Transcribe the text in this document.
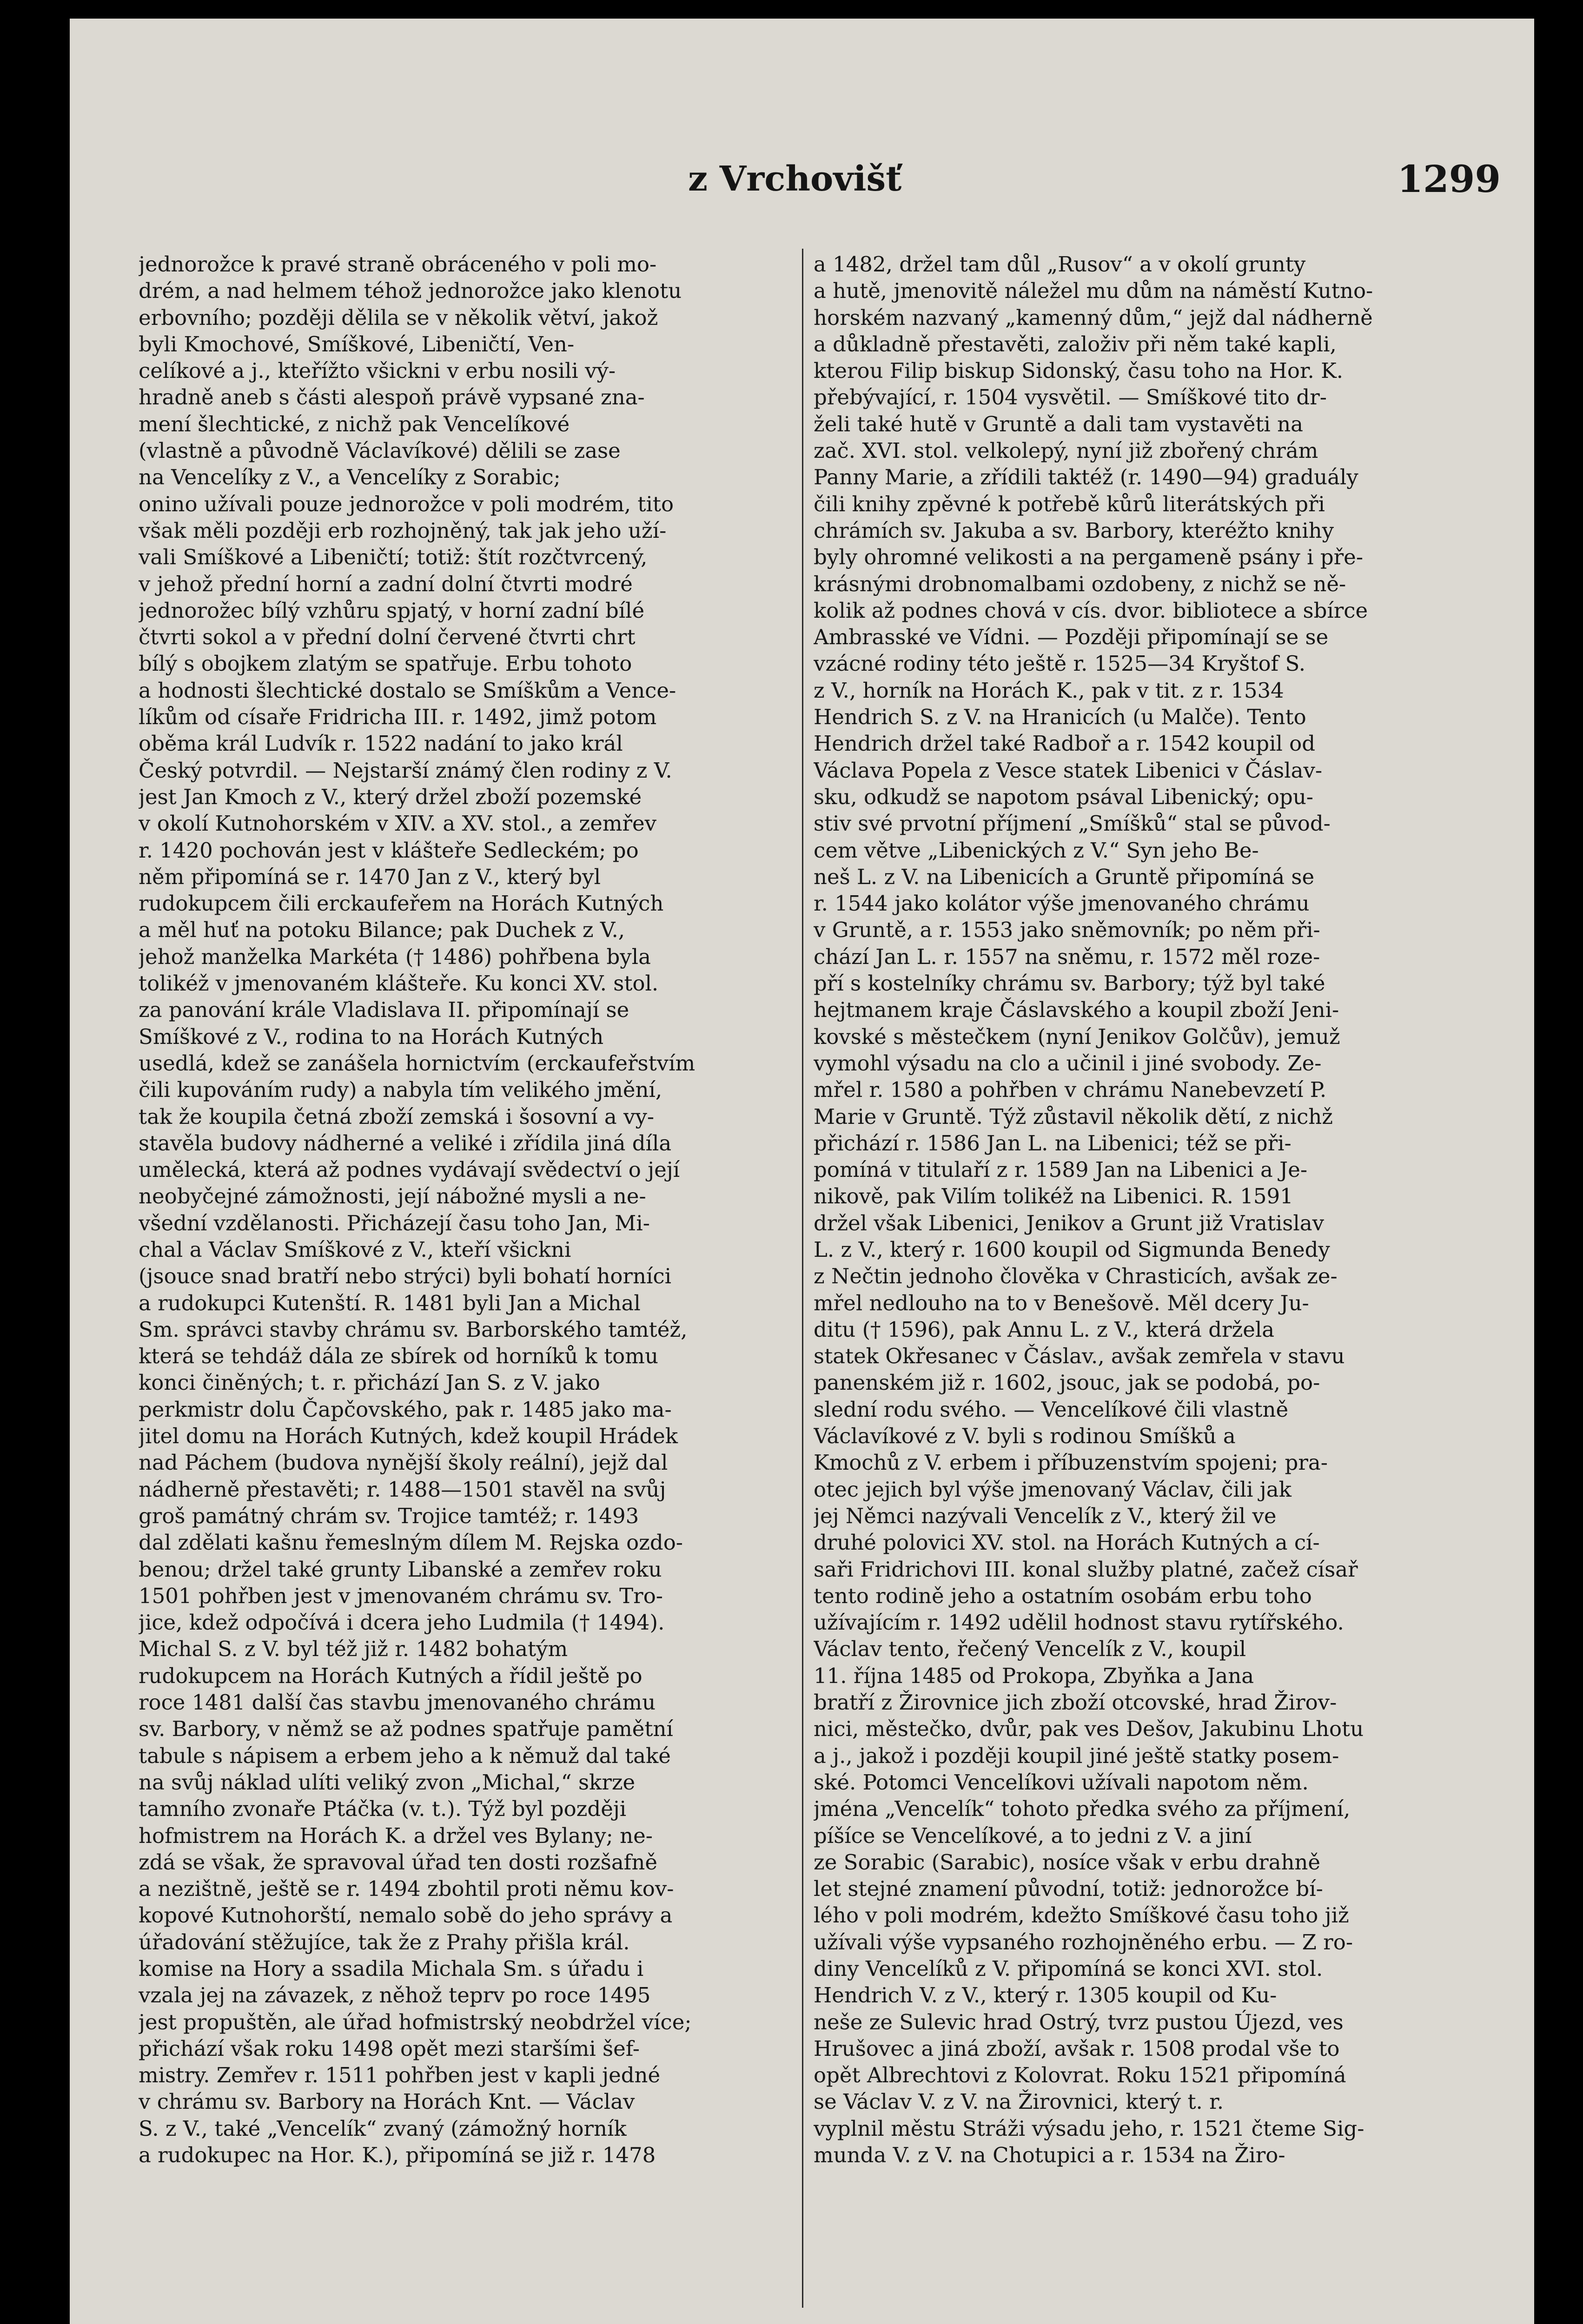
z Vrchovišť	1299
jednorožce k pravé straně obráceného v poli mo-
drém, a nad helmem téhož jednorožce jako klenotu
erbovního; později dělila se v několik větví, jakož
byli Kmochové, Smíškové, Libeničtí, Ven-
celíkové a j., kteřížto všickni v erbu nosili vý-
hradně aneb s části alespoň právě vypsané zna-
mení šlechtické, z nichž pak Vencelíkové
(vlastně a původně Václavíkové) dělili se zase
na Vencelíky z V., a Vencelíky z Sorabic;
onino užívali pouze jednorožce v poli modrém, tito
však měli později erb rozhojněný, tak jak jeho uží-
vali Smíškové a Libeničtí; totiž: štít rozčtvrcený,
v jehož přední horní a zadní dolní čtvrti modré
jednorožec bílý vzhůru spjatý, v horní zadní bílé
čtvrti sokol a v přední dolní červené čtvrti chrt
bílý s obojkem zlatým se spatřuje. Erbu tohoto
a hodnosti šlechtické dostalo se Smíškům a Vence-
líkům od císaře Fridricha III. r. 1492, jimž potom
oběma král Ludvík r. 1522 nadání to jako král
Český potvrdil. — Nejstarší známý člen rodiny z V.
jest Jan Kmoch z V., který držel zboží pozemské
v okolí Kutnohorském v XIV. a XV. stol., a zemřev
r. 1420 pochován jest v klášteře Sedleckém; po
něm připomíná se r. 1470 Jan z V., který byl
rudokupcem čili erckaufeřem na Horách Kutných
a měl huť na potoku Bilance; pak Duchek z V.,
jehož manželka Markéta († 1486) pohřbena byla
tolikéž v jmenovaném klášteře. Ku konci XV. stol.
za panování krále Vladislava II. připomínají se
Smíškové z V., rodina to na Horách Kutných
usedlá, kdež se zanášela hornictvím (erckaufeřstvím
čili kupováním rudy) a nabyla tím velikého jmění,
tak že koupila četná zboží zemská i šosovní a vy-
stavěla budovy nádherné a veliké i zřídila jiná díla
umělecká, která až podnes vydávají svědectví o její
neobyčejné zámožnosti, její nábožné mysli a ne-
všední vzdělanosti. Přicházejí času toho Jan, Mi-
chal a Václav Smíškové z V., kteří všickni
(jsouce snad bratří nebo strýci) byli bohatí horníci
a rudokupci Kutenští. R. 1481 byli Jan a Michal
Sm. správci stavby chrámu sv. Barborského tamtéž,
která se tehdáž dála ze sbírek od horníků k tomu
konci činěných; t. r. přichází Jan S. z V. jako
perkmistr dolu Čapčovského, pak r. 1485 jako ma-
jitel domu na Horách Kutných, kdež koupil Hrádek
nad Páchem (budova nynější školy reální), jejž dal
nádherně přestavěti; r. 1488—1501 stavěl na svůj
groš památný chrám sv. Trojice tamtéž; r. 1493
dal zdělati kašnu řemeslným dílem M. Rejska ozdo-
benou; držel také grunty Libanské a zemřev roku
1501 pohřben jest v jmenovaném chrámu sv. Tro-
jice, kdež odpočívá i dcera jeho Ludmila († 1494).
Michal S. z V. byl též již r. 1482 bohatým
rudokupcem na Horách Kutných a řídil ještě po
roce 1481 další čas stavbu jmenovaného chrámu
sv. Barbory, v němž se až podnes spatřuje pamětní
tabule s nápisem a erbem jeho a k němuž dal také
na svůj náklad ulíti veliký zvon „Michal,“ skrze
tamního zvonaře Ptáčka (v. t.). Týž byl později
hofmistrem na Horách K. a držel ves Bylany; ne-
zdá se však, že spravoval úřad ten dosti rozšafně
a nezištně, ještě se r. 1494 zbohtil proti němu kov-
kopové Kutnohorští, nemalo sobě do jeho správy a
úřadování stěžujíce, tak že z Prahy přišla král.
komise na Hory a ssadila Michala Sm. s úřadu i
vzala jej na závazek, z něhož teprv po roce 1495
jest propuštěn, ale úřad hofmistrský neobdržel více;
přichází však roku 1498 opět mezi staršími šef-
mistry. Zemřev r. 1511 pohřben jest v kapli jedné
v chrámu sv. Barbory na Horách Knt. — Václav
S. z V., také „Vencelík“ zvaný (zámožný horník
a rudokupec na Hor. K.), připomíná se již r. 1478
a 1482, držel tam důl „Rusov“ a v okolí grunty
a hutě, jmenovitě náležel mu dům na náměstí Kutno-
horském nazvaný „kamenný dům,“ jejž dal nádherně
a důkladně přestavěti, založiv při něm také kapli,
kterou Filip biskup Sidonský, času toho na Hor. K.
přebývající, r. 1504 vysvětil. — Smíškové tito dr-
želi také hutě v Gruntě a dali tam vystavěti na
zač. XVI. stol. velkolepý, nyní již zbořený chrám
Panny Marie, a zřídili taktéž (r. 1490—94) graduály
čili knihy zpěvné k potřebě kůrů literátských při
chrámích sv. Jakuba a sv. Barbory, kteréžto knihy
byly ohromné velikosti a na pergameně psány i pře-
krásnými drobnomalbami ozdobeny, z nichž se ně-
kolik až podnes chová v cís. dvor. bibliotece a sbírce
Ambrasské ve Vídni. — Později připomínají se se
vzácné rodiny této ještě r. 1525—34 Kryštof S.
z V., horník na Horách K., pak v tit. z r. 1534
Hendrich S. z V. na Hranicích (u Malče). Tento
Hendrich držel také Radboř a r. 1542 koupil od
Václava Popela z Vesce statek Libenici v Čáslav-
sku, odkudž se napotom psával Libenický; opu-
stiv své prvotní příjmení „Smíšků“ stal se původ-
cem větve „Libenických z V.“ Syn jeho Be-
neš L. z V. na Libenicích a Gruntě připomíná se
r. 1544 jako kolátor výše jmenovaného chrámu
v Gruntě, a r. 1553 jako sněmovník; po něm při-
chází Jan L. r. 1557 na sněmu, r. 1572 měl roze-
pří s kostelníky chrámu sv. Barbory; týž byl také
hejtmanem kraje Čáslavského a koupil zboží Jeni-
kovské s městečkem (nyní Jenikov Golčův), jemuž
vymohl výsadu na clo a učinil i jiné svobody. Ze-
mřel r. 1580 a pohřben v chrámu Nanebevzetí P.
Marie v Gruntě. Týž zůstavil několik dětí, z nichž
přichází r. 1586 Jan L. na Libenici; též se při-
pomíná v titulaří z r. 1589 Jan na Libenici a Je-
nikově, pak Vilím tolikéž na Libenici. R. 1591
držel však Libenici, Jenikov a Grunt již Vratislav
L. z V., který r. 1600 koupil od Sigmunda Benedy
z Nečtin jednoho člověka v Chrasticích, avšak ze-
mřel nedlouho na to v Benešově. Měl dcery Ju-
ditu († 1596), pak Annu L. z V., která držela
statek Okřesanec v Čáslav., avšak zemřela v stavu
panenském již r. 1602, jsouc, jak se podobá, po-
slední rodu svého. — Vencelíkové čili vlastně
Václavíkové z V. byli s rodinou Smíšků a
Kmochů z V. erbem i příbuzenstvím spojeni; pra-
otec jejich byl výše jmenovaný Václav, čili jak
jej Němci nazývali Vencelík z V., který žil ve
druhé polovici XV. stol. na Horách Kutných a cí-
saři Fridrichovi III. konal služby platné, začež císař
tento rodině jeho a ostatním osobám erbu toho
užívajícím r. 1492 udělil hodnost stavu rytířského.
Václav tento, řečený Vencelík z V., koupil
11. října 1485 od Prokopa, Zbyňka a Jana
bratří z Žirovnice jich zboží otcovské, hrad Žirov-
nici, městečko, dvůr, pak ves Dešov, Jakubinu Lhotu
a j., jakož i později koupil jiné ještě statky posem-
ské. Potomci Vencelíkovi užívali napotom něm.
jména „Vencelík“ tohoto předka svého za příjmení,
píšíce se Vencelíkové, a to jedni z V. a jiní
ze Sorabic (Sarabic), nosíce však v erbu drahně
let stejné znamení původní, totiž: jednorožce bí-
lého v poli modrém, kdežto Smíškové času toho již
užívali výše vypsaného rozhojněného erbu. — Z ro-
diny Vencelíků z V. připomíná se konci XVI. stol.
Hendrich V. z V., který r. 1305 koupil od Ku-
neše ze Sulevic hrad Ostrý, tvrz pustou Újezd, ves
Hrušovec a jiná zboží, avšak r. 1508 prodal vše to
opět Albrechtovi z Kolovrat. Roku 1521 připomíná
se Václav V. z V. na Žirovnici, který t. r.
vyplnil městu Stráži výsadu jeho, r. 1521 čteme Sig-
munda V. z V. na Chotupici a r. 1534 na Žiro-
